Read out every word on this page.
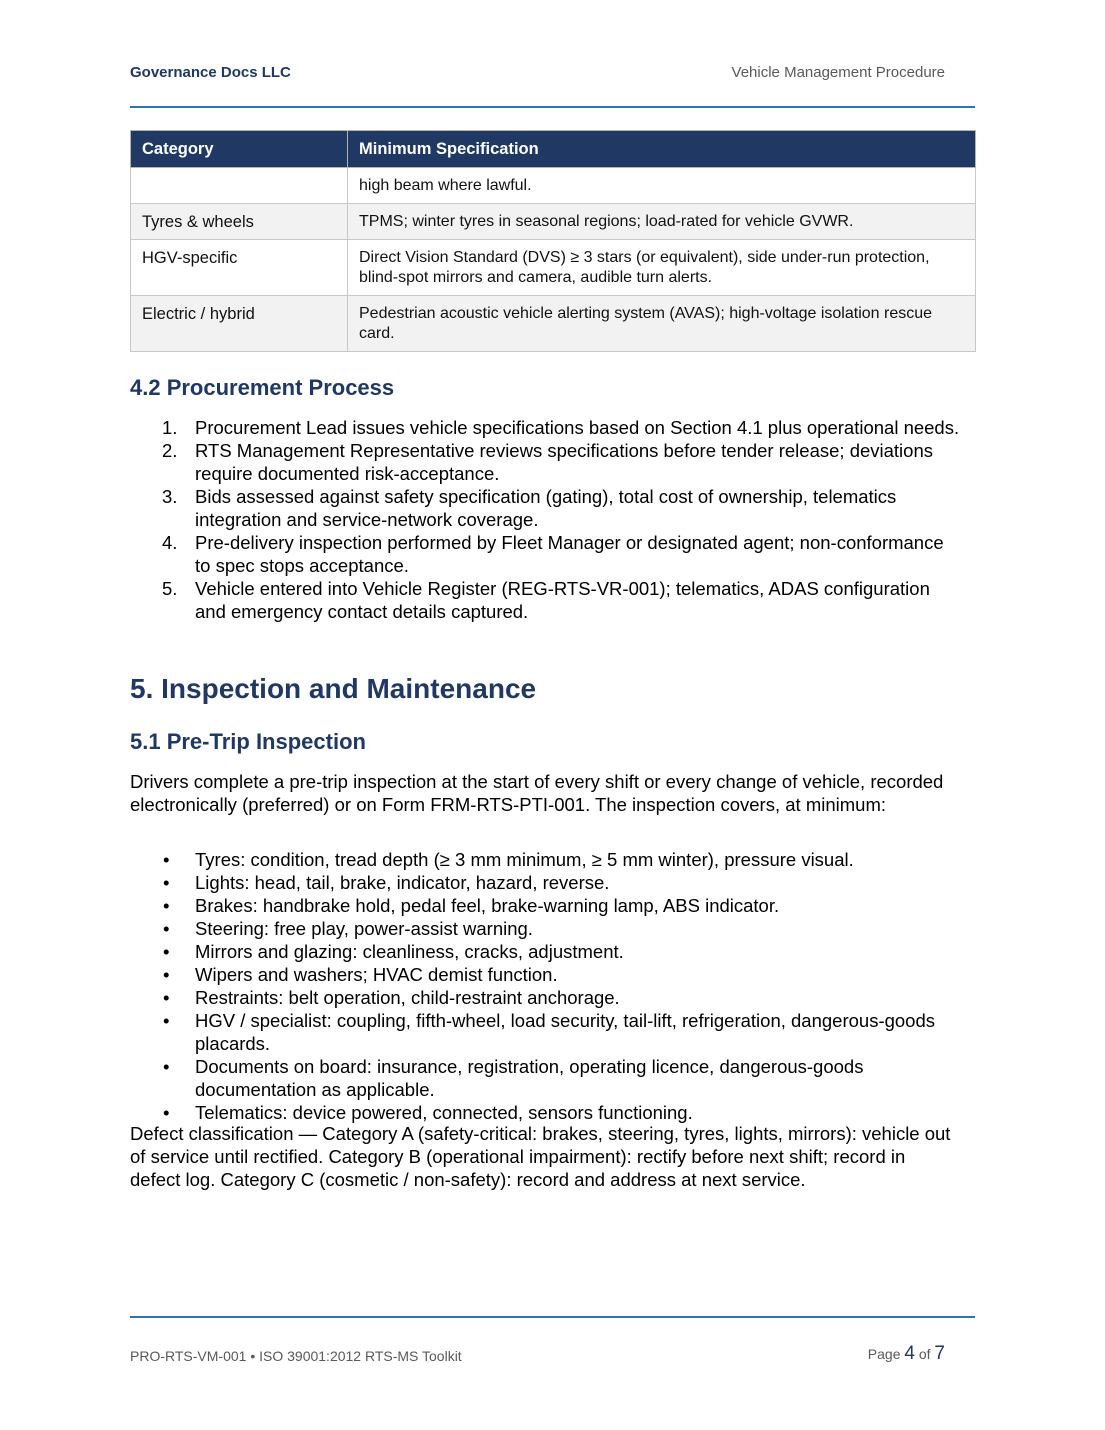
Governance Docs LLC	Vehicle Management Procedure
Category	Minimum Specification
	high beam where lawful.
Tyres & wheels	TPMS; winter tyres in seasonal regions; load-rated for vehicle GVWR.
HGV-specific	Direct Vision Standard (DVS) ≥ 3 stars (or equivalent), side under-run protection, blind-spot mirrors and camera, audible turn alerts.
Electric / hybrid	Pedestrian acoustic vehicle alerting system (AVAS); high-voltage isolation rescue card.
4.2 Procurement Process
1. Procurement Lead issues vehicle specifications based on Section 4.1 plus operational needs.
2. RTS Management Representative reviews specifications before tender release; deviations require documented risk-acceptance.
3. Bids assessed against safety specification (gating), total cost of ownership, telematics integration and service-network coverage.
4. Pre-delivery inspection performed by Fleet Manager or designated agent; non-conformance to spec stops acceptance.
5. Vehicle entered into Vehicle Register (REG-RTS-VR-001); telematics, ADAS configuration and emergency contact details captured.
5. Inspection and Maintenance
5.1 Pre-Trip Inspection

Drivers complete a pre-trip inspection at the start of every shift or every change of vehicle, recorded electronically (preferred) or on Form FRM-RTS-PTI-001. The inspection covers, at minimum:

• Tyres: condition, tread depth (≥ 3 mm minimum, ≥ 5 mm winter), pressure visual.
• Lights: head, tail, brake, indicator, hazard, reverse.
• Brakes: handbrake hold, pedal feel, brake-warning lamp, ABS indicator.
• Steering: free play, power-assist warning.
• Mirrors and glazing: cleanliness, cracks, adjustment.
• Wipers and washers; HVAC demist function.
• Restraints: belt operation, child-restraint anchorage.
• HGV / specialist: coupling, fifth-wheel, load security, tail-lift, refrigeration, dangerous-goods placards.
• Documents on board: insurance, registration, operating licence, dangerous-goods documentation as applicable.
• Telematics: device powered, connected, sensors functioning.

Defect classification — Category A (safety-critical: brakes, steering, tyres, lights, mirrors): vehicle out of service until rectified. Category B (operational impairment): rectify before next shift; record in defect log. Category C (cosmetic / non-safety): record and address at next service.

PRO-RTS-VM-001 • ISO 39001:2012 RTS-MS Toolkit	Page 4 of 7
